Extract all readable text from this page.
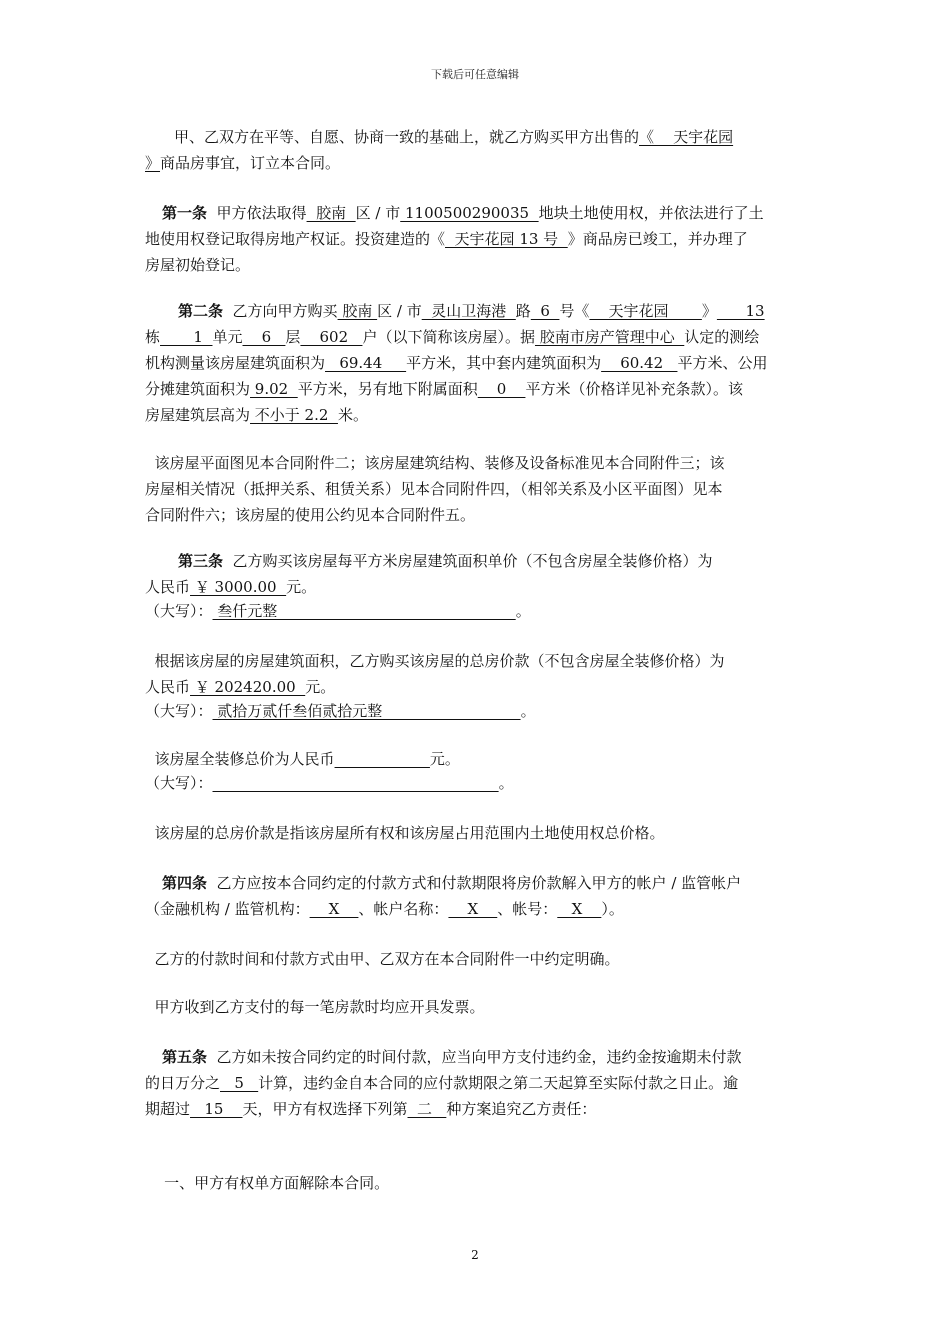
下载后可任意编辑
甲、乙双方在平等、自愿、协商一致的基础上，就乙方购买甲方出售的《    天宇花园
》商品房事宜，订立本合同。
第一条  甲方依法取得  胶南  区 / 市 1100500290035  地块土地使用权，并依法进行了土
地使用权登记取得房地产权证。投资建造的《  天宇花园 13 号  》商品房已竣工，并办理了
房屋初始登记。
第二条  乙方向甲方购买 胶南 区 / 市  灵山卫海港  路  6  号《    天宇花园       》      13
栋       1  单元    6   层    602   户（以下简称该房屋）。据 胶南市房产管理中心  认定的测绘
机构测量该房屋建筑面积为   69.44     平方米，其中套内建筑面积为    60.42   平方米、公用
分摊建筑面积为 9.02  平方米，另有地下附属面积    0    平方米（价格详见补充条款）。该
房屋建筑层高为 不小于 2.2  米。
该房屋平面图见本合同附件二；该房屋建筑结构、装修及设备标准见本合同附件三；该
房屋相关情况（抵押关系、租赁关系）见本合同附件四，（相邻关系及小区平面图）见本
合同附件六；该房屋的使用公约见本合同附件五。
第三条  乙方购买该房屋每平方米房屋建筑面积单价（不包含房屋全装修价格）为
人民币 ￥ 3000.00  元。
（大写）： 叁仟元整                                                  。
根据该房屋的房屋建筑面积，乙方购买该房屋的总房价款（不包含房屋全装修价格）为
人民币 ￥ 202420.00  元。
（大写）： 贰拾万贰仟叁佰贰拾元整                             。
该房屋全装修总价为人民币	元。
（大写）：	。
该房屋的总房价款是指该房屋所有权和该房屋占用范围内土地使用权总价格。
第四条  乙方应按本合同约定的付款方式和付款期限将房价款解入甲方的帐户 / 监管帐户
（金融机构 / 监管机构：    X    、帐户名称：    X    、帐号：   X    ）。
乙方的付款时间和付款方式由甲、乙双方在本合同附件一中约定明确。
甲方收到乙方支付的每一笔房款时均应开具发票。
第五条  乙方如未按合同约定的时间付款，应当向甲方支付违约金，违约金按逾期未付款
的日万分之   5   计算，违约金自本合同的应付款期限之第二天起算至实际付款之日止。逾
期超过   15    天，甲方有权选择下列第  二   种方案追究乙方责任：
一、甲方有权单方面解除本合同。
2
